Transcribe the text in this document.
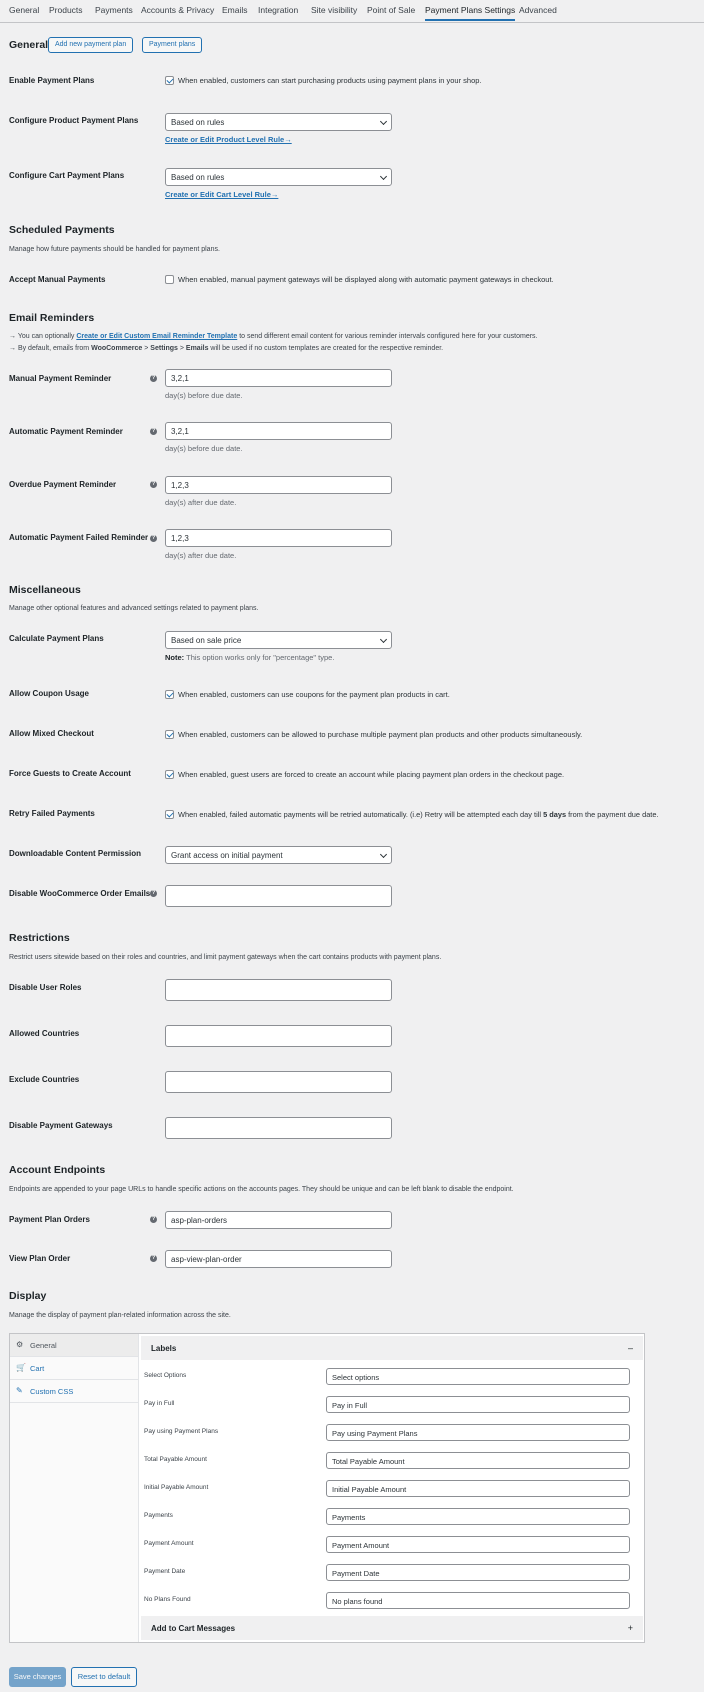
General Products Payments Accounts & Privacy Emails Integration Site visibility Point of Sale Payment Plans Settings Advanced
General Add new payment plan	Payment plans
Enable Payment Plans	When enabled, customers can start purchasing products using payment plans in your shop.
Configure Product Payment Plans	Based on rules
Create or Edit Product Level Rule→
Configure Cart Payment Plans	Based on rules
Create or Edit Cart Level Rule→
Scheduled Payments
Manage how future payments should be handled for payment plans.
Accept Manual Payments	When enabled, manual payment gateways will be displayed along with automatic payment gateways in checkout.
Email Reminders
→ You can optionally Create or Edit Custom Email Reminder Template to send different email content for various reminder intervals configured here for your customers.
→ By default, emails from WooCommerce > Settings > Emails will be used if no custom templates are created for the respective reminder.
Manual Payment Reminder	?	3,2,1
day(s) before due date.
Automatic Payment Reminder	?	3,2,1
day(s) before due date.
Overdue Payment Reminder	?	1,2,3
day(s) after due date.
Automatic Payment Failed Reminder ?	1,2,3
day(s) after due date.
Miscellaneous
Manage other optional features and advanced settings related to payment plans.
Calculate Payment Plans	Based on sale price
Note: This option works only for "percentage" type.
Allow Coupon Usage	When enabled, customers can use coupons for the payment plan products in cart.
Allow Mixed Checkout	When enabled, customers can be allowed to purchase multiple payment plan products and other products simultaneously.
Force Guests to Create Account	When enabled, guest users are forced to create an account while placing payment plan orders in the checkout page.
Retry Failed Payments	When enabled, failed automatic payments will be retried automatically. (i.e) Retry will be attempted each day till 5 days from the payment due date.
Downloadable Content Permission	Grant access on initial payment
Disable WooCommerce Order Emails ?
Restrictions
Restrict users sitewide based on their roles and countries, and limit payment gateways when the cart contains products with payment plans.
Disable User Roles
Allowed Countries
Exclude Countries
Disable Payment Gateways
Account Endpoints
Endpoints are appended to your page URLs to handle specific actions on the accounts pages. They should be unique and can be left blank to disable the endpoint.
Payment Plan Orders	?	asp-plan-orders
View Plan Order	?	asp-view-plan-order
Display
Manage the display of payment plan-related information across the site.
⚙ General
🛒 Cart
✎ Custom CSS
Labels	–
Select Options	Select options
Pay in Full	Pay in Full
Pay using Payment Plans	Pay using Payment Plans
Total Payable Amount	Total Payable Amount
Initial Payable Amount	Initial Payable Amount
Payments	Payments
Payment Amount	Payment Amount
Payment Date	Payment Date
No Plans Found	No plans found
Add to Cart Messages	+
Save changes	Reset to default
